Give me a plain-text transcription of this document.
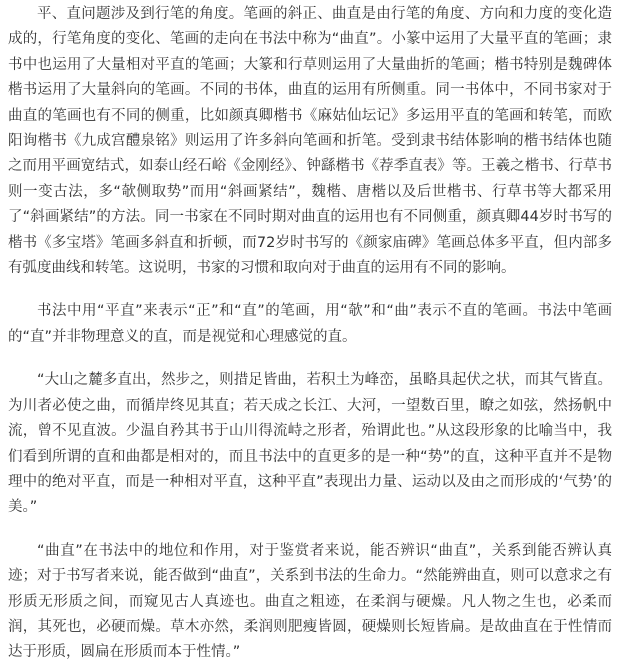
平、直问题涉及到行笔的角度。笔画的斜正、曲直是由行笔的角度、方向和力度的变化造成的，行笔角度的变化、笔画的走向在书法中称为“曲直”。小篆中运用了大量平直的笔画；隶书中也运用了大量相对平直的笔画；大篆和行草则运用了大量曲折的笔画；楷书特别是魏碑体楷书运用了大量斜向的笔画。不同的书体，曲直的运用有所侧重。同一书体中，不同书家对于曲直的笔画也有不同的侧重，比如颜真卿楷书《麻姑仙坛记》多运用平直的笔画和转笔，而欧阳询楷书《九成宫醴泉铭》则运用了许多斜向笔画和折笔。受到隶书结体影响的楷书结体也随之而用平画宽结式，如泰山经石峪《金刚经》、钟繇楷书《荐季直表》等。王羲之楷书、行草书则一变古法，多“欹侧取势”而用“斜画紧结”，魏楷、唐楷以及后世楷书、行草书等大都采用了“斜画紧结”的方法。同一书家在不同时期对曲直的运用也有不同侧重，颜真卿44岁时书写的楷书《多宝塔》笔画多斜直和折顿，而72岁时书写的《颜家庙碑》笔画总体多平直，但内部多有弧度曲线和转笔。这说明，书家的习惯和取向对于曲直的运用有不同的影响。

书法中用“平直”来表示“正”和“直”的笔画，用“欹”和“曲”表示不直的笔画。书法中笔画的“直”并非物理意义的直，而是视觉和心理感觉的直。

“大山之麓多直出，然步之，则措足皆曲，若积土为峰峦，虽略具起伏之状，而其气皆直。为川者必使之曲，而循岸终见其直；若天成之长江、大河，一望数百里，瞭之如弦，然扬帆中流，曾不见直波。少温自矜其书于山川得流峙之形者，殆谓此也。”从这段形象的比喻当中，我们看到所谓的直和曲都是相对的，而且书法中的直更多的是一种“势”的直，这种平直并不是物理中的绝对平直，而是一种相对平直，这种平直”表现出力量、运动以及由之而形成的‘气势’的美。”

“曲直”在书法中的地位和作用，对于鉴赏者来说，能否辨识“曲直”，关系到能否辨认真迹；对于书写者来说，能否做到“曲直”，关系到书法的生命力。“然能辨曲直，则可以意求之有形质无形质之间，而窥见古人真迹也。曲直之粗迹，在柔润与硬燥。凡人物之生也，必柔而润，其死也，必硬而燥。草木亦然，柔润则肥瘦皆圆，硬燥则长短皆扁。是故曲直在于性情而达于形质，圆扁在形质而本于性情。”
